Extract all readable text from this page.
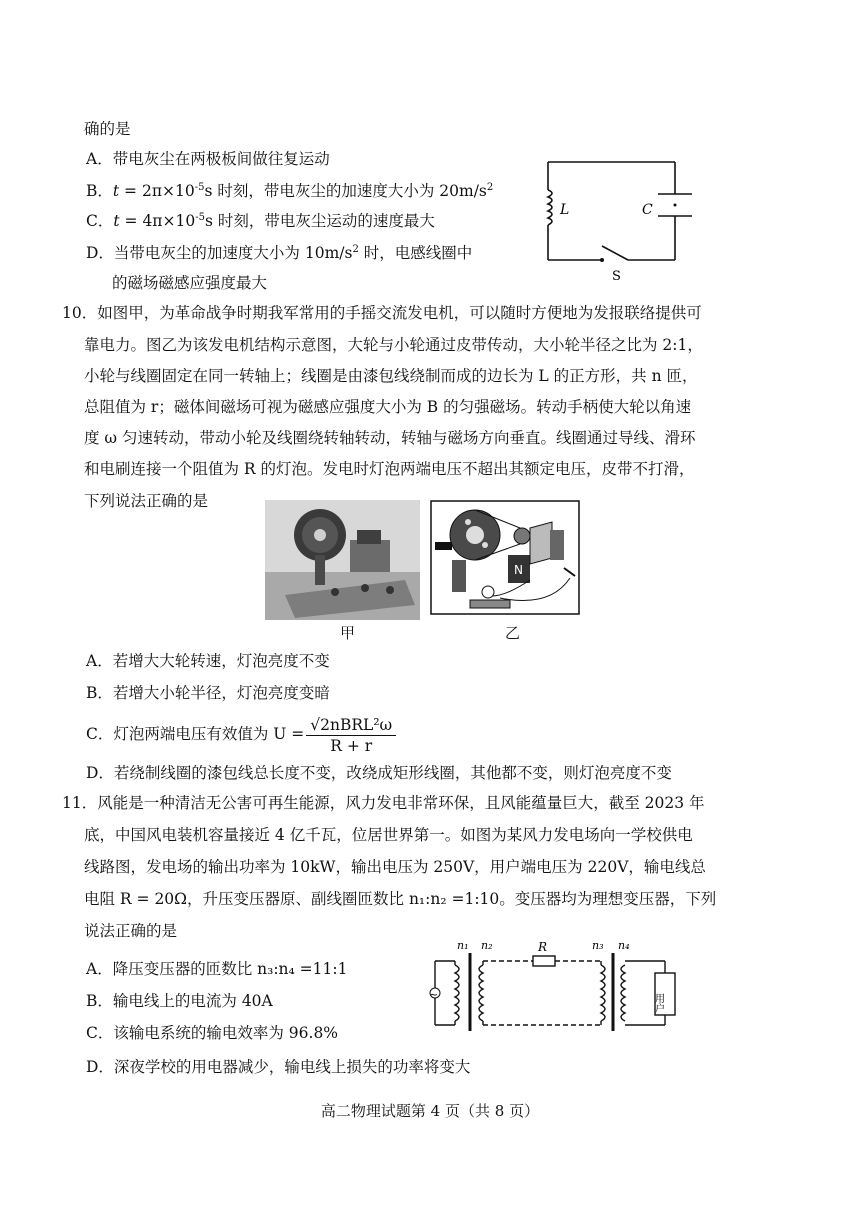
确的是
A．带电灰尘在两极板间做往复运动
B．$t = 2\pi\times 10^{-5}s$ 时刻，带电灰尘的加速度大小为 $20m/s^2$
C．$t = 4\pi\times 10^{-5}s$ 时刻，带电灰尘运动的速度最大
D．当带电灰尘的加速度大小为 $10m/s^2$ 时，电感线圈中
的磁场磁感应强度最大
L	C
S
10．如图甲，为革命战争时期我军常用的手摇交流发电机，可以随时方便地为发报联络提供可
靠电力。图乙为该发电机结构示意图，大轮与小轮通过皮带传动，大小轮半径之比为 2:1，
小轮与线圈固定在同一转轴上；线圈是由漆包线绕制而成的边长为 L 的正方形，共 n 匝，
总阻值为 r；磁体间磁场可视为磁感应强度大小为 B 的匀强磁场。转动手柄使大轮以角速
度 ω 匀速转动，带动小轮及线圈绕转轴转动，转轴与磁场方向垂直。线圈通过导线、滑环
和电刷连接一个阻值为 R 的灯泡。发电时灯泡两端电压不超出其额定电压，皮带不打滑，
下列说法正确的是
甲
N
乙
A．若增大大轮转速，灯泡亮度不变
B．若增大小轮半径，灯泡亮度变暗
C．灯泡两端电压有效值为 $U = \frac{\text{√2nBRL²ω}}{R + r}$
D．若绕制线圈的漆包线总长度不变，改绕成矩形线圈，其他都不变，则灯泡亮度不变
11．风能是一种清洁无公害可再生能源，风力发电非常环保，且风能蕴量巨大，截至 2023 年
底，中国风电装机容量接近 4 亿千瓦，位居世界第一。如图为某风力发电场向一学校供电
线路图，发电场的输出功率为 10kW，输出电压为 250V，用户端电压为 220V，输电线总
电阻 R = 20Ω，升压变压器原、副线圈匝数比 n₁:n₂ =1:10。变压器均为理想变压器，下列
说法正确的是
A．降压变压器的匝数比 n₃:n₄ =11:1
B．输电线上的电流为 40A
C．该输电系统的输电效率为 96.8%
D．深夜学校的用电器减少，输电线上损失的功率将变大
~
n₁ n₂	R	n₃ n₄
用户
高二物理试题第 4 页（共 8 页）
